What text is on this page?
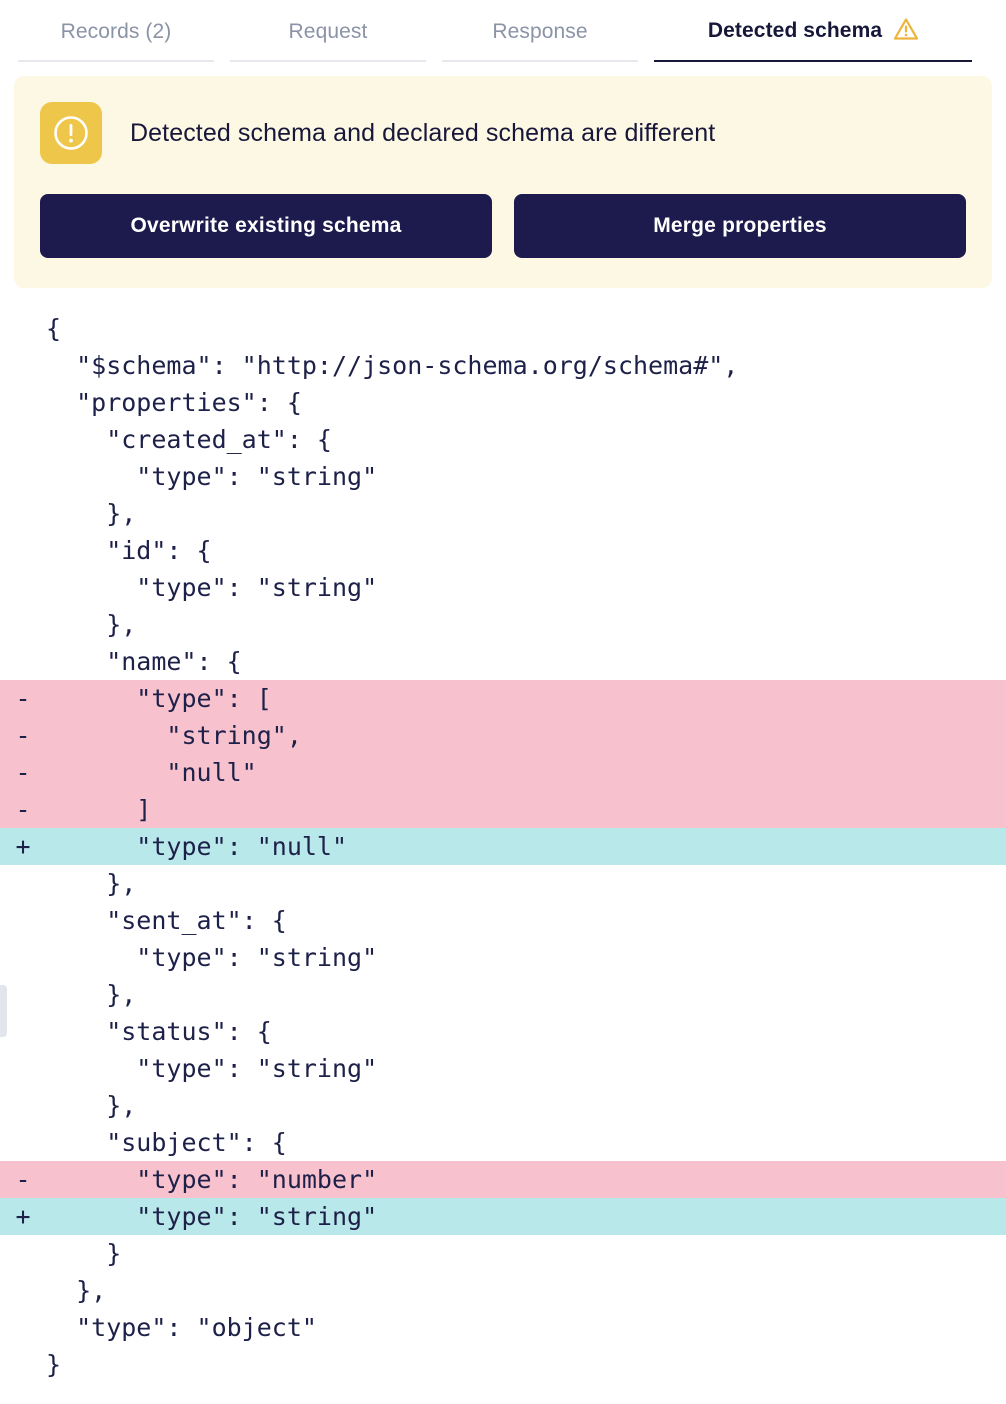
Records (2)	Request	Response	Detected schema
Detected schema and declared schema are different
Overwrite existing schema	Merge properties
{
"$schema": "http://json-schema.org/schema#",
"properties": {
"created_at": {
"type": "string"
},
"id": {
"type": "string"
},
"name": {
- "type": [
- "string",
- "null"
- ]
+ "type": "null"
},
"sent_at": {
"type": "string"
},
"status": {
"type": "string"
},
"subject": {
- "type": "number"
+ "type": "string"
}
},
"type": "object"
}
